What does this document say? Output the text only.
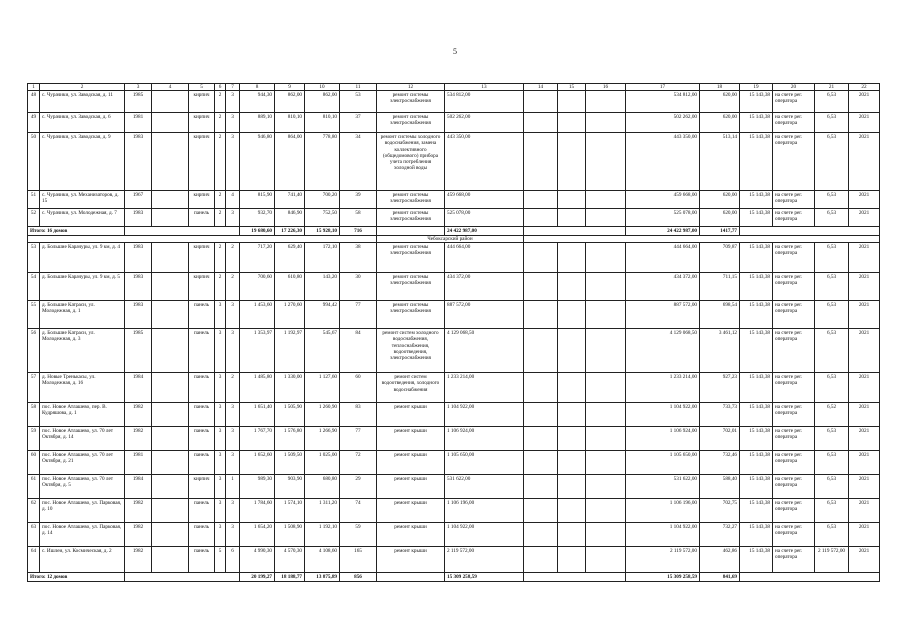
5
1	2	3	4	5	6	7	8	9	10	11	12	13	14	15	16	17	18	19	20	21	22
48	с. Чурачики, ул. Заводская, д. 11	1985		кирпич	2	3	944,30	862,00	862,00	53	ремонт системы электроснабжения	534 812,00				534 812,00	620,00	15 143,38	на счете рег. оператора	6,53	2021
49	с. Чурачики, ул. Заводская, д. 6	1981		кирпич	2	3	889,10	810,10	810,10	37	ремонт системы электроснабжения	502 262,00				502 262,00	620,00	15 143,38	на счете рег. оператора	6,53	2021
50	с. Чурачики, ул. Заводская, д. 9	1983		кирпич	2	3	946,80	864,00	778,80	34	ремонт системы холодного водоснабжения, замена коллективного (общедомового) прибора учета потребления холодной воды	443 350,00				443 350,00	513,14	15 143,38	на счете рег. оператора	6,53	2021
51	с. Чурачики, ул. Механизаторов, д. 15	1967		кирпич	2	4	815,90	741,40	700,20	39	ремонт системы электроснабжения	459 668,00				459 668,00	620,00	15 143,38	на счете рег. оператора	6,53	2021
52	с. Чурачики, ул. Молодежная, д. 7	1983		панель	2	3	932,70	846,90	752,50	58	ремонт системы электроснабжения	525 078,00				525 078,00	620,00	15 143,38	на счете рег. оператора	6,53	2021
Итого: 16 домов							19 680,60	17 226,30	15 928,10	716		24 422 987,00				24 422 987,00	1417,77				
											Чебоксарский район										
53	д. Большие Карачуры, ул. 9 км, д. 4	1983		кирпич	2	2	717,20	629,40	172,10	38	ремонт системы электроснабжения	444 664,00				444 664,00	709,87	15 143,38	на счете рег. оператора	6,53	2021
54	д. Большие Карачуры, ул. 9 км, д. 5	1983		кирпич	2	2	700,60	610,80	143,20	30	ремонт системы электроснабжения	434 372,00				434 372,00	711,15	15 143,38	на счете рег. оператора	6,53	2021
55	д. Большие Катраси, ул. Молодежная, д. 1	1983		панель	3	3	1 453,60	1 270,60	994,42	77	ремонт системы электроснабжения	887 572,00				887 572,00	698,54	15 143,38	на счете рег. оператора	6,53	2021
56	д. Большие Катраси, ул. Молодежная, д. 3	1985		панель	3	3	1 353,97	1 192,97	545,67	84	ремонт систем холодного водоснабжения, теплоснабжения, водоотведения, электроснабжения	4 129 068,50				4 129 068,50	3 461,12	15 143,38	на счете рег. оператора	6,53	2021
57	д. Новые Тренькасы, ул. Молодежная, д. 16	1984		панель	3	2	1 485,80	1 330,00	1 127,60	60	ремонт систем водоотведения, холодного водоснабжения	1 233 214,00				1 233 214,00	927,23	15 143,38	на счете рег. оператора	6,53	2021
58	пос. Новое Атлашево, пер. В. Кудряшова, д. 1	1982		панель	3	3	1 651,40	1 505,90	1 260,90	83	ремонт крыши	1 104 922,00				1 104 922,00	733,73	15 143,38	на счете рег. оператора	6,52	2021
59	пос. Новое Атлашево, ул. 70 лет Октября, д. 14	1982		панель	3	3	1 767,70	1 576,80	1 266,90	77	ремонт крыши	1 106 924,00				1 106 924,00	702,01	15 143,38	на счете рег. оператора	6,53	2021
60	пос. Новое Атлашево, ул. 70 лет Октября, д. 21	1981		панель	3	3	1 652,60	1 509,50	1 025,00	72	ремонт крыши	1 105 650,00				1 105 650,00	732,46	15 143,38	на счете рег. оператора	6,53	2021
61	пос. Новое Атлашево, ул. 70 лет Октября, д. 5	1984		кирпич	3	1	989,30	903,90	680,80	29	ремонт крыши	531 622,00				531 622,00	588,40	15 143,38	на счете рег. оператора	6,53	2021
62	пос. Новое Атлашево, ул. Парковая, д. 10	1982		панель	3	3	1 784,60	1 574,10	1 311,20	74	ремонт крыши	1 106 196,00				1 106 196,00	702,75	15 143,38	на счете рег. оператора	6,53	2021
63	пос. Новое Атлашево, ул. Парковая, д. 14	1982		панель	3	3	1 654,20	1 508,90	1 192,10	59	ремонт крыши	1 104 922,00				1 104 922,00	732,27	15 143,38	на счете рег. оператора	6,53	2021
64	с. Ишлеи, ул. Космическая, д. 2	1982		панель	5	6	4 990,30	4 570,30	4 108,60	165	ремонт крыши	2 119 572,00				2 119 572,00	462,86	15 143,38	на счете рег. оператора	2 119 572,00	2021
Итого: 12 домов							20 199,27	18 188,77	13 875,89	856		15 309 258,59				15 309 258,59	841,69				
